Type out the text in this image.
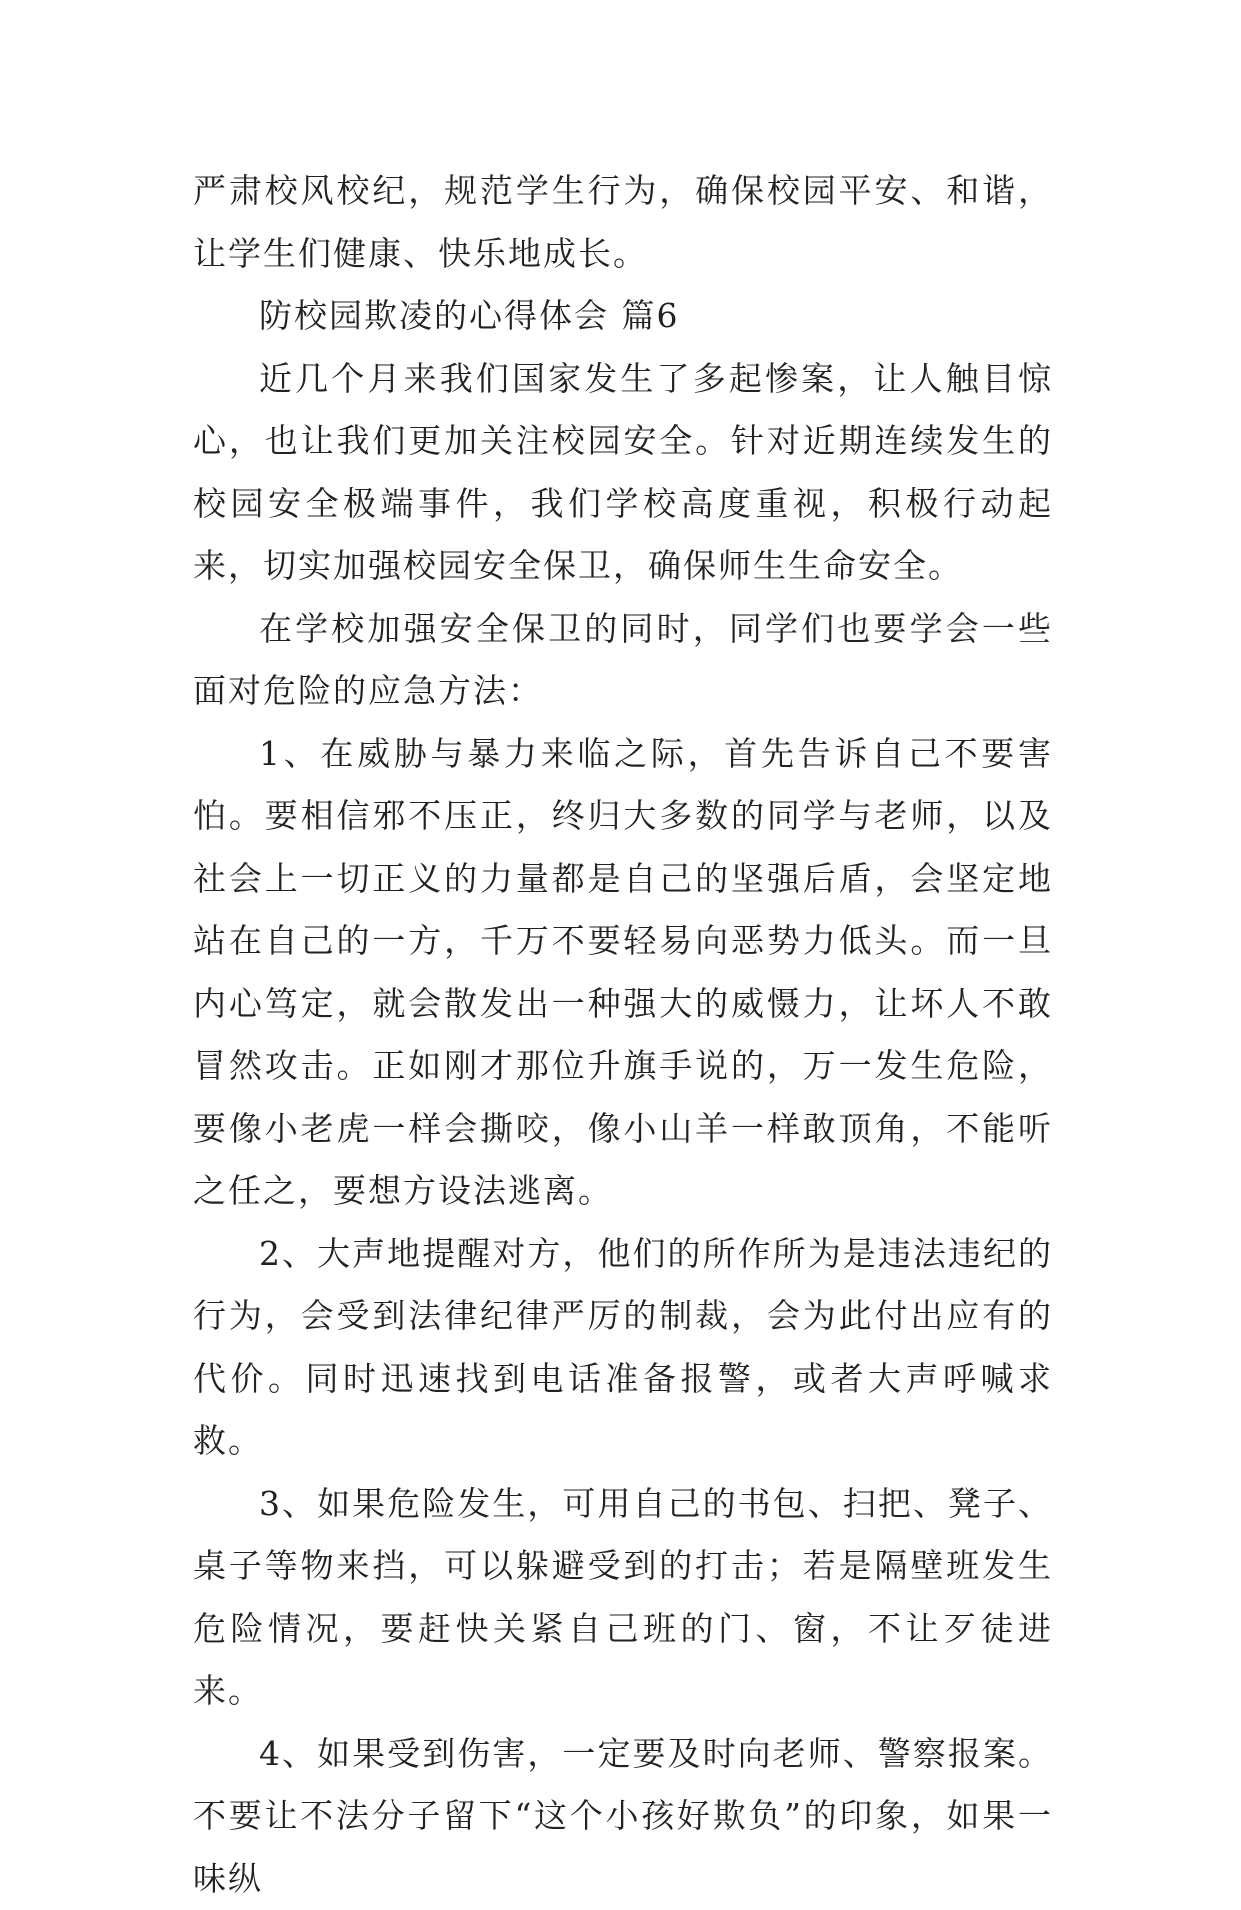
严肃校风校纪，规范学生行为，确保校园平安、和谐，让学生们健康、快乐地成长。

防校园欺凌的心得体会 篇6

近几个月来我们国家发生了多起惨案，让人触目惊心，也让我们更加关注校园安全。针对近期连续发生的校园安全极端事件，我们学校高度重视，积极行动起来，切实加强校园安全保卫，确保师生生命安全。

在学校加强安全保卫的同时，同学们也要学会一些面对危险的应急方法：

1、在威胁与暴力来临之际，首先告诉自己不要害怕。要相信邪不压正，终归大多数的同学与老师，以及社会上一切正义的力量都是自己的坚强后盾，会坚定地站在自己的一方，千万不要轻易向恶势力低头。而一旦内心笃定，就会散发出一种强大的威慑力，让坏人不敢冒然攻击。正如刚才那位升旗手说的，万一发生危险，要像小老虎一样会撕咬，像小山羊一样敢顶角，不能听之任之，要想方设法逃离。

2、大声地提醒对方，他们的所作所为是违法违纪的行为，会受到法律纪律严厉的制裁，会为此付出应有的代价。同时迅速找到电话准备报警，或者大声呼喊求救。

3、如果危险发生，可用自己的书包、扫把、凳子、桌子等物来挡，可以躲避受到的打击；若是隔壁班发生危险情况，要赶快关紧自己班的门、窗，不让歹徒进来。

4、如果受到伤害，一定要及时向老师、警察报案。不要让不法分子留下“这个小孩好欺负”的印象，如果一味纵
